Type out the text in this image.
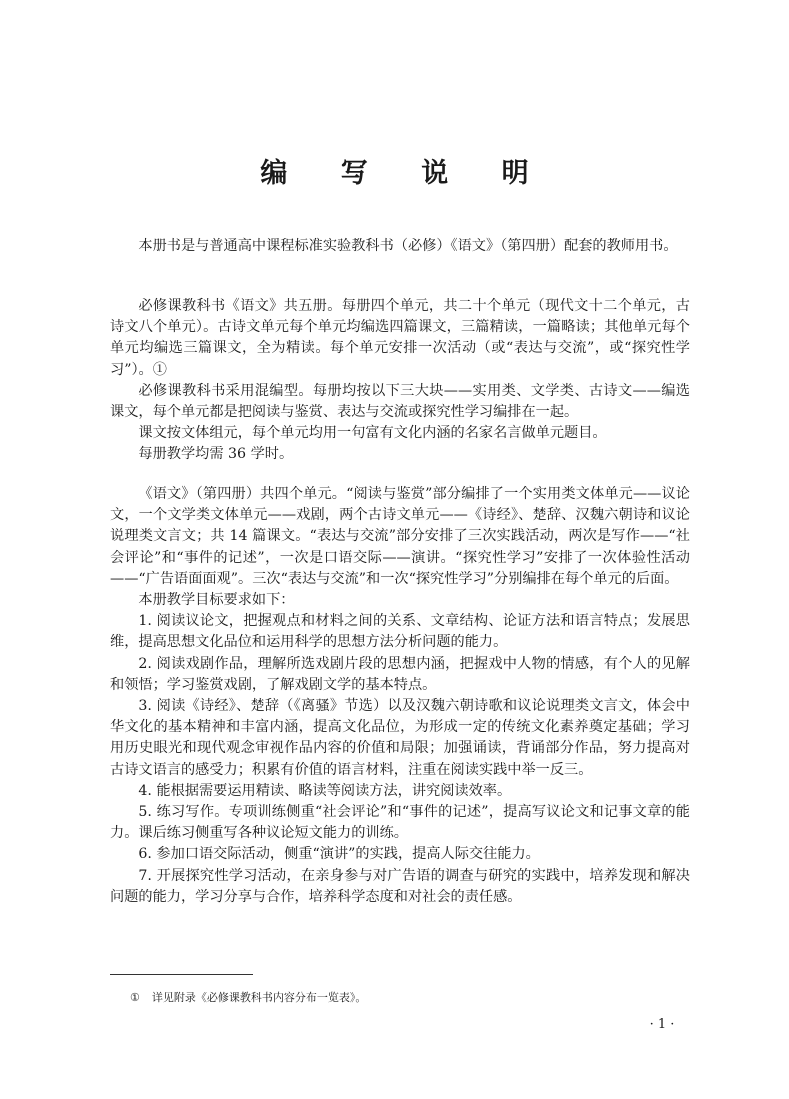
编 写 说 明

本册书是与普通高中课程标准实验教科书（必修）《语文》（第四册）配套的教师用书。

必修课教科书《语文》共五册。每册四个单元，共二十个单元（现代文十二个单元，古诗文八个单元）。古诗文单元每个单元均编选四篇课文，三篇精读，一篇略读；其他单元每个单元均编选三篇课文，全为精读。每个单元安排一次活动（或“表达与交流”，或“探究性学习”）。①

必修课教科书采用混编型。每册均按以下三大块——实用类、文学类、古诗文——编选课文，每个单元都是把阅读与鉴赏、表达与交流或探究性学习编排在一起。

课文按文体组元，每个单元均用一句富有文化内涵的名家名言做单元题目。

每册教学均需 36 学时。

《语文》（第四册）共四个单元。“阅读与鉴赏”部分编排了一个实用类文体单元——议论文，一个文学类文体单元——戏剧，两个古诗文单元——《诗经》、楚辞、汉魏六朝诗和议论说理类文言文；共 14 篇课文。“表达与交流”部分安排了三次实践活动，两次是写作——“社会评论”和“事件的记述”，一次是口语交际——演讲。“探究性学习”安排了一次体验性活动——“广告语面面观”。三次“表达与交流”和一次“探究性学习”分别编排在每个单元的后面。

本册教学目标要求如下：

1. 阅读议论文，把握观点和材料之间的关系、文章结构、论证方法和语言特点；发展思维，提高思想文化品位和运用科学的思想方法分析问题的能力。

2. 阅读戏剧作品，理解所选戏剧片段的思想内涵，把握戏中人物的情感，有个人的见解和领悟；学习鉴赏戏剧，了解戏剧文学的基本特点。

3. 阅读《诗经》、楚辞（《离骚》节选）以及汉魏六朝诗歌和议论说理类文言文，体会中华文化的基本精神和丰富内涵，提高文化品位，为形成一定的传统文化素养奠定基础；学习用历史眼光和现代观念审视作品内容的价值和局限；加强诵读，背诵部分作品，努力提高对古诗文语言的感受力；积累有价值的语言材料，注重在阅读实践中举一反三。

4. 能根据需要运用精读、略读等阅读方法，讲究阅读效率。

5. 练习写作。专项训练侧重“社会评论”和“事件的记述”，提高写议论文和记事文章的能力。课后练习侧重写各种议论短文能力的训练。

6. 参加口语交际活动，侧重“演讲”的实践，提高人际交往能力。

7. 开展探究性学习活动，在亲身参与对广告语的调查与研究的实践中，培养发现和解决问题的能力，学习分享与合作，培养科学态度和对社会的责任感。

① 详见附录《必修课教科书内容分布一览表》。
· 1 ·
